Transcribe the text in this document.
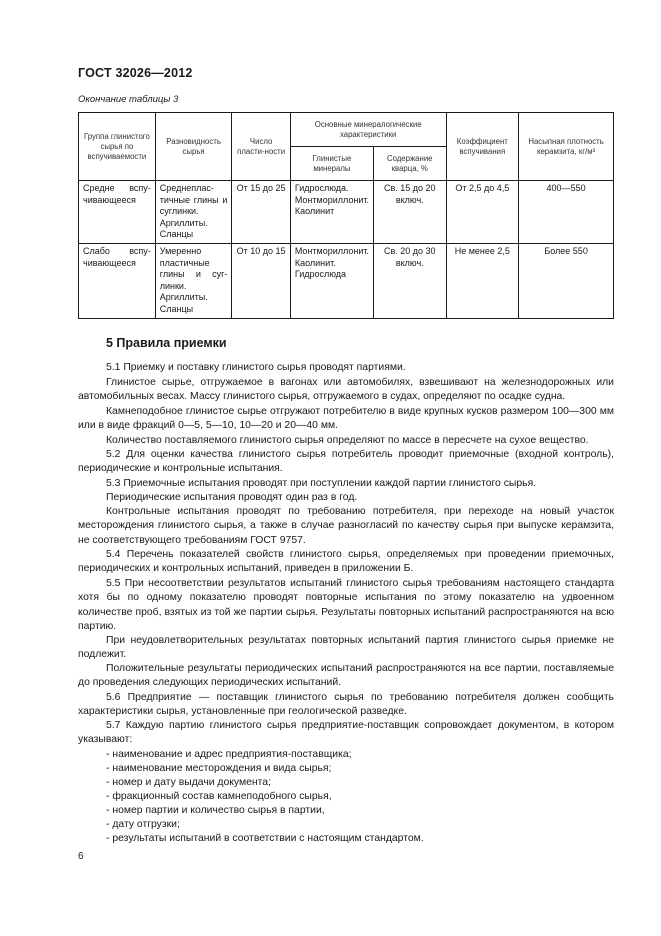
ГОСТ 32026—2012
Окончание таблицы 3
Группа глинистого сырья по вспучиваемости	Разновидность сырья	Число пласти-ности	Основные минералогические характеристики		Коэффициент вспучивания	Насыпная плотность керамзита, кг/м³
			Глинистые минералы	Содержание кварца, %		
Средне вспу-чивающееся	Среднеплас-тичные глины и суглинки. Аргиллиты. Сланцы	От 15 до 25	Гидрослюда. Монтмориллонит. Каолинит	Св. 15 до 20 включ.	От 2,5 до 4,5	400—550
Слабо вспу-чивающееся	Умеренно пластичные глины и суг-линки. Аргиллиты. Сланцы	От 10 до 15	Монтмориллонит. Каолинит. Гидрослюда	Св. 20 до 30 включ.	Не менее 2,5	Более 550
5 Правила приемки

5.1 Приемку и поставку глинистого сырья проводят партиями.

Глинистое сырье, отгружаемое в вагонах или автомобилях, взвешивают на железнодорожных или автомобильных весах. Массу глинистого сырья, отгружаемого в судах, определяют по осадке судна.

Камнеподобное глинистое сырье отгружают потребителю в виде крупных кусков размером 100—300 мм или в виде фракций 0—5, 5—10, 10—20 и 20—40 мм.

Количество поставляемого глинистого сырья определяют по массе в пересчете на сухое вещество.

5.2 Для оценки качества глинистого сырья потребитель проводит приемочные (входной контроль), периодические и контрольные испытания.

5.3 Приемочные испытания проводят при поступлении каждой партии глинистого сырья.

Периодические испытания проводят один раз в год.

Контрольные испытания проводят по требованию потребителя, при переходе на новый участок месторождения глинистого сырья, а также в случае разногласий по качеству сырья при выпуске керамзита, не соответствующего требованиям ГОСТ 9757.

5.4 Перечень показателей свойств глинистого сырья, определяемых при проведении приемочных, периодических и контрольных испытаний, приведен в приложении Б.

5.5 При несоответствии результатов испытаний глинистого сырья требованиям настоящего стандарта хотя бы по одному показателю проводят повторные испытания по этому показателю на удвоенном количестве проб, взятых из той же партии сырья. Результаты повторных испытаний распространяются на всю партию.

При неудовлетворительных результатах повторных испытаний партия глинистого сырья приемке не подлежит.

Положительные результаты периодических испытаний распространяются на все партии, поставляемые до проведения следующих периодических испытаний.

5.6 Предприятие — поставщик глинистого сырья по требованию потребителя должен сообщить характеристики сырья, установленные при геологической разведке.

5.7 Каждую партию глинистого сырья предприятие-поставщик сопровождает документом, в котором указывают:

- наименование и адрес предприятия-поставщика;

- наименование месторождения и вида сырья;

- номер и дату выдачи документа;

- фракционный состав камнеподобного сырья,

- номер партии и количество сырья в партии,

- дату отгрузки;

- результаты испытаний в соответствии с настоящим стандартом.

6
